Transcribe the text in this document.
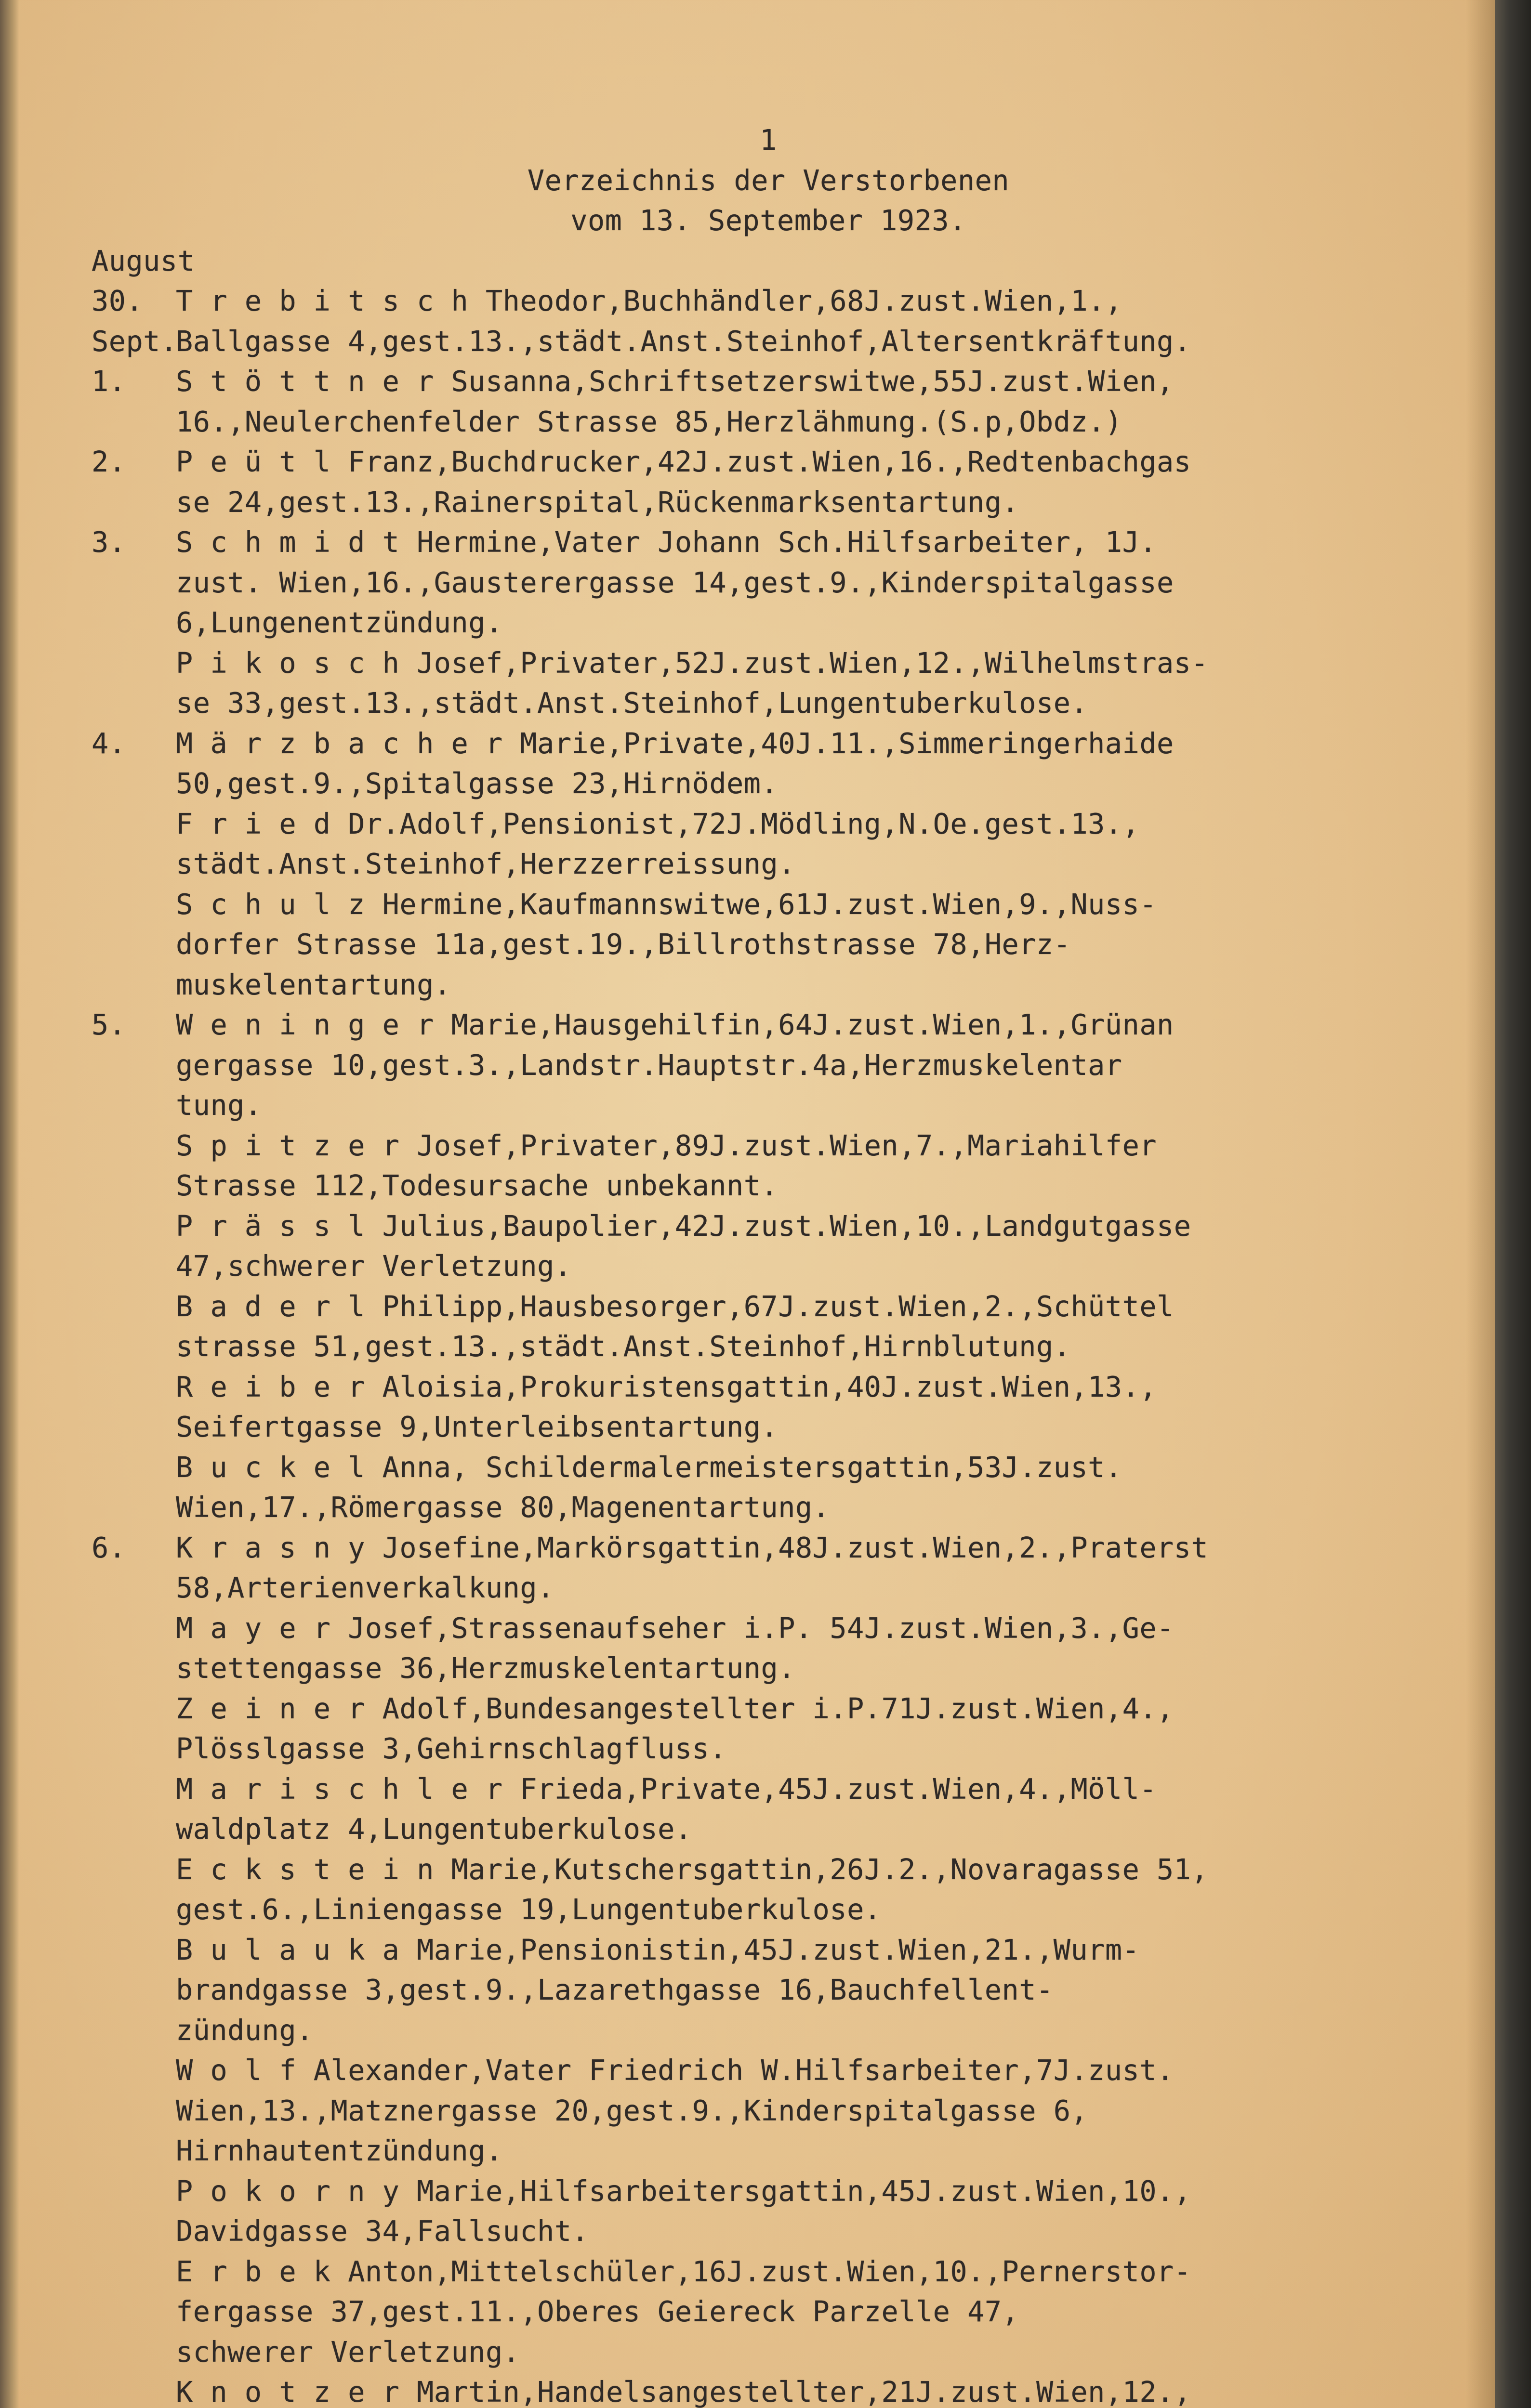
1
Verzeichnis der Verstorbenen
vom 13. September 1923.
August
30. T r e b i t s c h Theodor,Buchhändler,68J.zust.Wien,1.,
Sept.Ballgasse 4,gest.13.,städt.Anst.Steinhof,Altersentkräftung.
1. S t ö t t n e r Susanna,Schriftsetzerswitwe,55J.zust.Wien,
16.,Neulerchenfelder Strasse 85,Herzlähmung.(S.p,Obdz.)
2. P e ü t l Franz,Buchdrucker,42J.zust.Wien,16.,Redtenbachgas
se 24,gest.13.,Rainerspital,Rückenmarksentartung.
3. S c h m i d t Hermine,Vater Johann Sch.Hilfsarbeiter, 1J.
zust. Wien,16.,Gausterergasse 14,gest.9.,Kinderspitalgasse
6,Lungenentzündung.
P i k o s c h Josef,Privater,52J.zust.Wien,12.,Wilhelmstras-
se 33,gest.13.,städt.Anst.Steinhof,Lungentuberkulose.
4. M ä r z b a c h e r Marie,Private,40J.11.,Simmeringerhaide
50,gest.9.,Spitalgasse 23,Hirnödem.
F r i e d Dr.Adolf,Pensionist,72J.Mödling,N.Oe.gest.13.,
städt.Anst.Steinhof,Herzzerreissung.
S c h u l z Hermine,Kaufmannswitwe,61J.zust.Wien,9.,Nuss-
dorfer Strasse 11a,gest.19.,Billrothstrasse 78,Herz-
muskelentartung.
5. W e n i n g e r Marie,Hausgehilfin,64J.zust.Wien,1.,Grünan
gergasse 10,gest.3.,Landstr.Hauptstr.4a,Herzmuskelentar
tung.
S p i t z e r Josef,Privater,89J.zust.Wien,7.,Mariahilfer
Strasse 112,Todesursache unbekannt.
P r ä s s l Julius,Baupolier,42J.zust.Wien,10.,Landgutgasse
47,schwerer Verletzung.
B a d e r l Philipp,Hausbesorger,67J.zust.Wien,2.,Schüttel
strasse 51,gest.13.,städt.Anst.Steinhof,Hirnblutung.
R e i b e r Aloisia,Prokuristensgattin,40J.zust.Wien,13.,
Seifertgasse 9,Unterleibsentartung.
B u c k e l Anna, Schildermalermeistersgattin,53J.zust.
Wien,17.,Römergasse 80,Magenentartung.
6. K r a s n y Josefine,Markörsgattin,48J.zust.Wien,2.,Praterst
58,Arterienverkalkung.
M a y e r Josef,Strassenaufseher i.P. 54J.zust.Wien,3.,Ge-
stettengasse 36,Herzmuskelentartung.
Z e i n e r Adolf,Bundesangestellter i.P.71J.zust.Wien,4.,
Plösslgasse 3,Gehirnschlagfluss.
M a r i s c h l e r Frieda,Private,45J.zust.Wien,4.,Möll-
waldplatz 4,Lungentuberkulose.
E c k s t e i n Marie,Kutschersgattin,26J.2.,Novaragasse 51,
gest.6.,Liniengasse 19,Lungentuberkulose.
B u l a u k a Marie,Pensionistin,45J.zust.Wien,21.,Wurm-
brandgasse 3,gest.9.,Lazarethgasse 16,Bauchfellent-
zündung.
W o l f Alexander,Vater Friedrich W.Hilfsarbeiter,7J.zust.
Wien,13.,Matznergasse 20,gest.9.,Kinderspitalgasse 6,
Hirnhautentzündung.
P o k o r n y Marie,Hilfsarbeitersgattin,45J.zust.Wien,10.,
Davidgasse 34,Fallsucht.
E r b e k Anton,Mittelschüler,16J.zust.Wien,10.,Pernerstor-
fergasse 37,gest.11.,Oberes Geiereck Parzelle 47,
schwerer Verletzung.
K n o t z e r Martin,Handelsangestellter,21J.zust.Wien,12.,
